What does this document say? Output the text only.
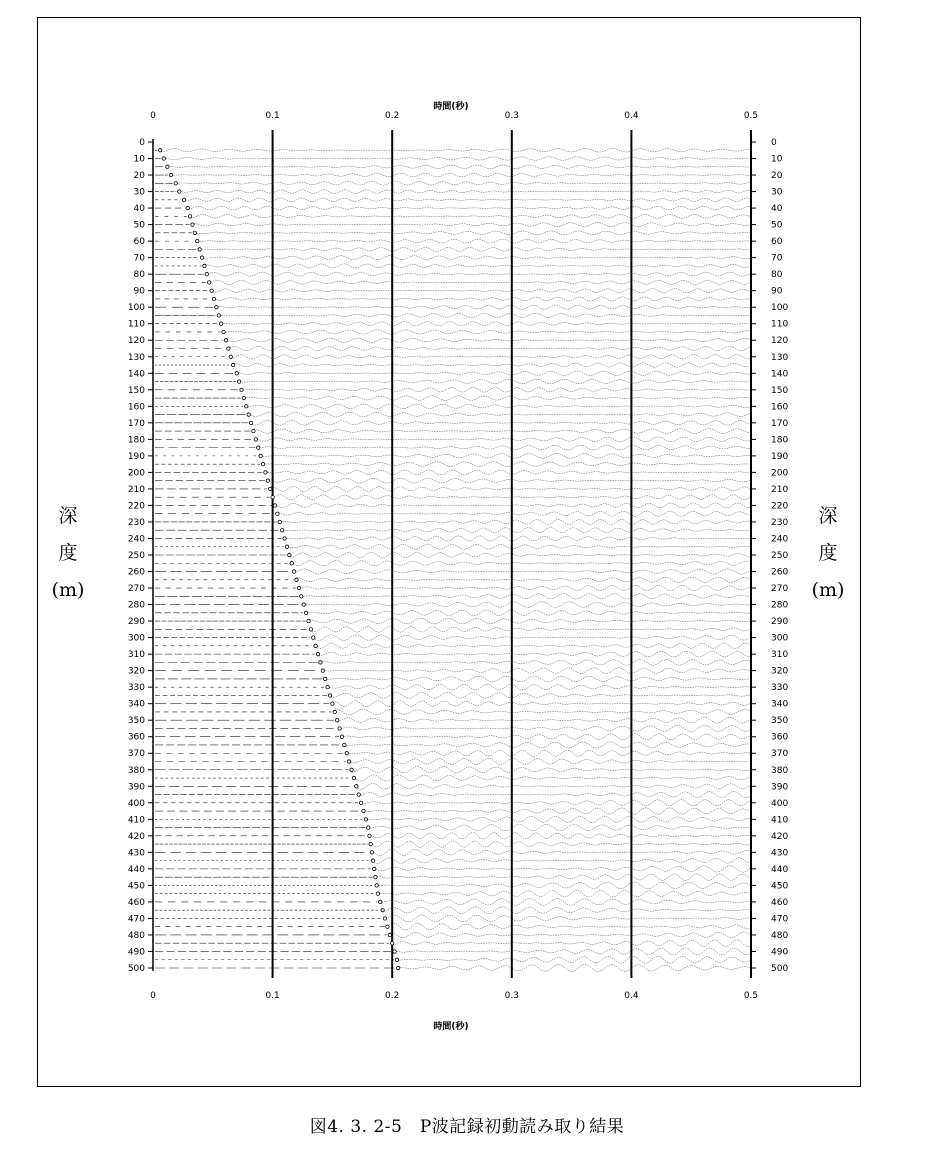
0
0
0.1
0.1
0.2
0.2
0.3
0.3
0.4
0.4
0.5
0.5
0	0
10	10
20	20
30	30
40	40
50	50
60	60
70	70
80	80
90	90
100	100
110	110
120	120
130	130
140	140
150	150
160	160
170	170
180	180
190	190
200	200
210	210
220	220
230	230
240	240
250	250
260	260
270	270
280	280
290	290
300	300
310	310
320	320
330	330
340	340
350	350
360	360
370	370
380	380
390	390
400	400
410	410
420	420
430	430
440	440
450	450
460	460
470	470
480	480
490	490
500	500
時間(秒)
時間(秒)
深
度
(m)
深
度
(m)
図4. 3. 2-5　P波記録初動読み取り結果
